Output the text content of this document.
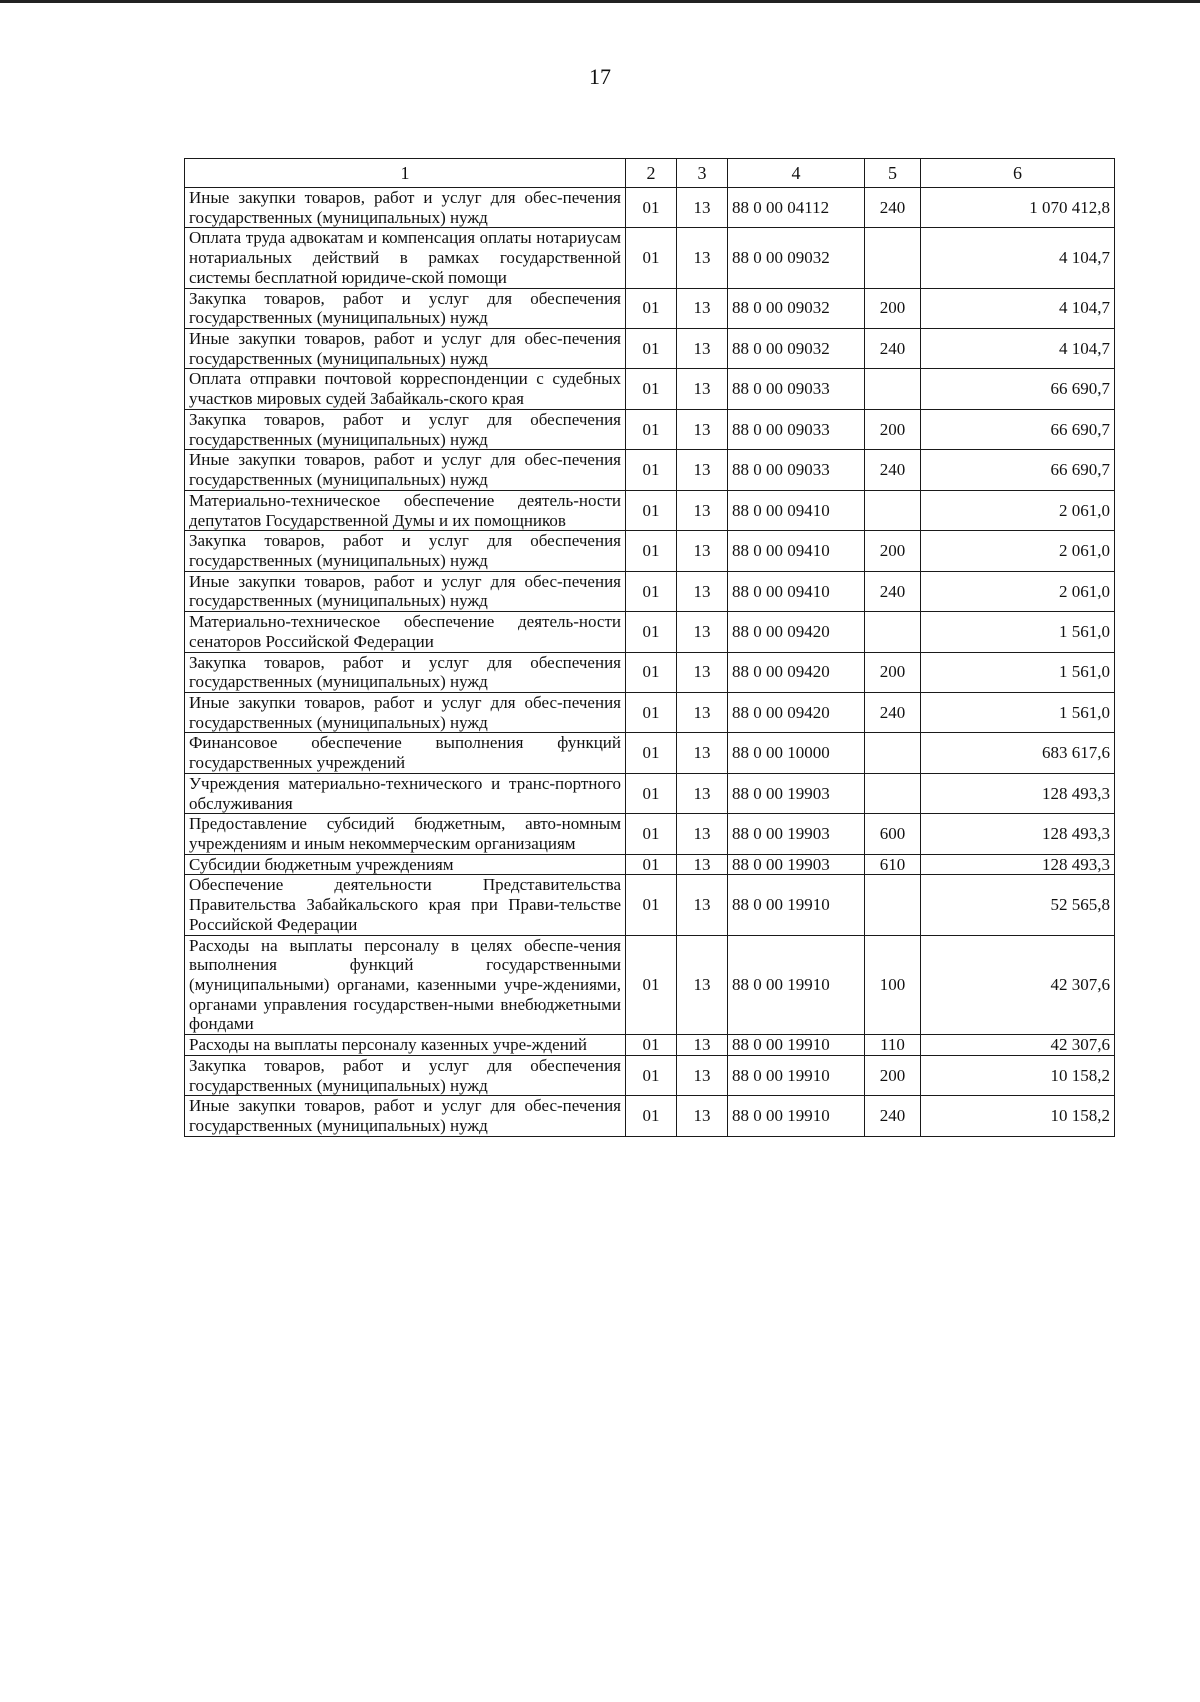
17
1	2	3	4	5	6
Иные закупки товаров, работ и услуг для обес-печения государственных (муниципальных) нужд	01	13	88 0 00 04112	240	1 070 412,8
Оплата труда адвокатам и компенсация оплаты нотариусам нотариальных действий в рамках государственной системы бесплатной юридиче-ской помощи	01	13	88 0 00 09032		4 104,7
Закупка товаров, работ и услуг для обеспечения государственных (муниципальных) нужд	01	13	88 0 00 09032	200	4 104,7
Иные закупки товаров, работ и услуг для обес-печения государственных (муниципальных) нужд	01	13	88 0 00 09032	240	4 104,7
Оплата отправки почтовой корреспонденции с судебных участков мировых судей Забайкаль-ского края	01	13	88 0 00 09033		66 690,7
Закупка товаров, работ и услуг для обеспечения государственных (муниципальных) нужд	01	13	88 0 00 09033	200	66 690,7
Иные закупки товаров, работ и услуг для обес-печения государственных (муниципальных) нужд	01	13	88 0 00 09033	240	66 690,7
Материально-техническое обеспечение деятель-ности депутатов Государственной Думы и их помощников	01	13	88 0 00 09410		2 061,0
Закупка товаров, работ и услуг для обеспечения государственных (муниципальных) нужд	01	13	88 0 00 09410	200	2 061,0
Иные закупки товаров, работ и услуг для обес-печения государственных (муниципальных) нужд	01	13	88 0 00 09410	240	2 061,0
Материально-техническое обеспечение деятель-ности сенаторов Российской Федерации	01	13	88 0 00 09420		1 561,0
Закупка товаров, работ и услуг для обеспечения государственных (муниципальных) нужд	01	13	88 0 00 09420	200	1 561,0
Иные закупки товаров, работ и услуг для обес-печения государственных (муниципальных) нужд	01	13	88 0 00 09420	240	1 561,0
Финансовое обеспечение выполнения функций государственных учреждений	01	13	88 0 00 10000		683 617,6
Учреждения материально-технического и транс-портного обслуживания	01	13	88 0 00 19903		128 493,3
Предоставление субсидий бюджетным, авто-номным учреждениям и иным некоммерческим организациям	01	13	88 0 00 19903	600	128 493,3
Субсидии бюджетным учреждениям	01	13	88 0 00 19903	610	128 493,3
Обеспечение деятельности Представительства Правительства Забайкальского края при Прави-тельстве Российской Федерации	01	13	88 0 00 19910		52 565,8
Расходы на выплаты персоналу в целях обеспе-чения выполнения функций государственными (муниципальными) органами, казенными учре-ждениями, органами управления государствен-ными внебюджетными фондами	01	13	88 0 00 19910	100	42 307,6
Расходы на выплаты персоналу казенных учре-ждений	01	13	88 0 00 19910	110	42 307,6
Закупка товаров, работ и услуг для обеспечения государственных (муниципальных) нужд	01	13	88 0 00 19910	200	10 158,2
Иные закупки товаров, работ и услуг для обес-печения государственных (муниципальных) нужд	01	13	88 0 00 19910	240	10 158,2
